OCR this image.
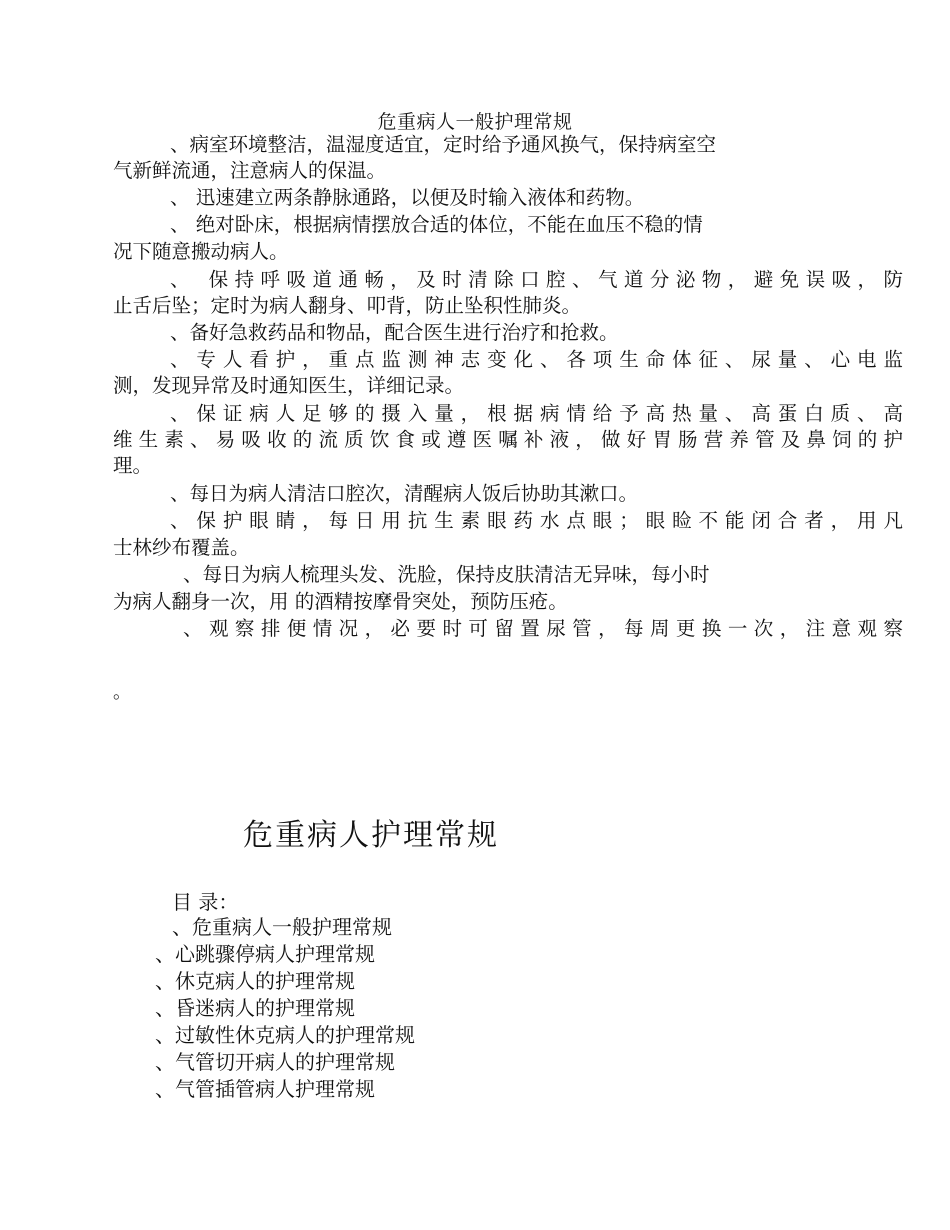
危重病人一般护理常规
、病室环境整洁，温湿度适宜，定时给予通风换气，保持病室空
气新鲜流通，注意病人的保温。
、 迅速建立两条静脉通路，以便及时输入液体和药物。
、 绝对卧床，根据病情摆放合适的体位，不能在血压不稳的情
况下随意搬动病人。
、 保持呼吸道通畅，及时清除口腔、气道分泌物，避免误吸，防
止舌后坠；定时为病人翻身、叩背，防止坠积性肺炎。
、备好急救药品和物品，配合医生进行治疗和抢救。
、专人看护，重点监测神志变化、各项生命体征、尿量、心电监
测，发现异常及时通知医生，详细记录。
、保证病人足够的摄入量，根据病情给予高热量、高蛋白质、高
维生素、易吸收的流质饮食或遵医嘱补液，做好胃肠营养管及鼻饲的护
理。
、每日为病人清洁口腔次，清醒病人饭后协助其漱口。
、保护眼睛，每日用抗生素眼药水点眼；眼睑不能闭合者，用凡
士林纱布覆盖。
、每日为病人梳理头发、洗脸，保持皮肤清洁无异味，每小时
为病人翻身一次，用 的酒精按摩骨突处，预防压疮。
、观察排便情况，必要时可留置尿管，每周更换一次，注意观察
。
危重病人护理常规
目 录：
、危重病人一般护理常规
、心跳骤停病人护理常规
、休克病人的护理常规
、昏迷病人的护理常规
、过敏性休克病人的护理常规
、气管切开病人的护理常规
、气管插管病人护理常规
